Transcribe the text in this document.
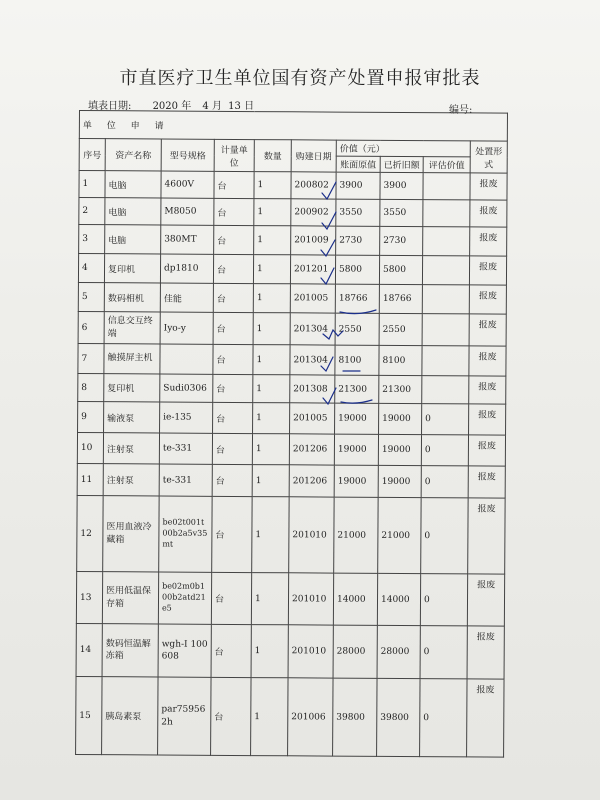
市直医疗卫生单位国有资产处置申报审批表
填表日期: 2020 年 4 月 13 日	编号:
单 位 申 请									
序号	资产名称	型号规格	计量单位	数量	购建日期	价值（元）			处置形式
						账面原值	已折旧额	评估价值	
1	电脑	4600V	台	1	200802	3900	3900		报废
2	电脑	M8050	台	1	200902	3550	3550		报废
3	电脑	380MT	台	1	201009	2730	2730		报废
4	复印机	dp1810	台	1	201201	5800	5800		报废
5	数码相机	佳能	台	1	201005	18766	18766		报废
6	信息交互终端	Iyo-y	台	1	201304	2550	2550		报废
7	触摸屏主机		台	1	201304	8100	8100		报废
8	复印机	Sudi0306	台	1	201308	21300	21300		报废
9	输液泵	ie-135	台	1	201005	19000	19000	0	报废
10	注射泵	te-331	台	1	201206	19000	19000	0	报废
11	注射泵	te-331	台	1	201206	19000	19000	0	报废
12	医用血液冷藏箱	be02t001t00b2a5v35mt	台	1	201010	21000	21000	0	报废
13	医用低温保存箱	be02m0b100b2atd21e5	台	1	201010	14000	14000	0	报废
14	数码恒温解冻箱	wgh-I 100608	台	1	201010	28000	28000	0	报废
15	胰岛素泵	par759562h	台	1	201006	39800	39800	0	报废
